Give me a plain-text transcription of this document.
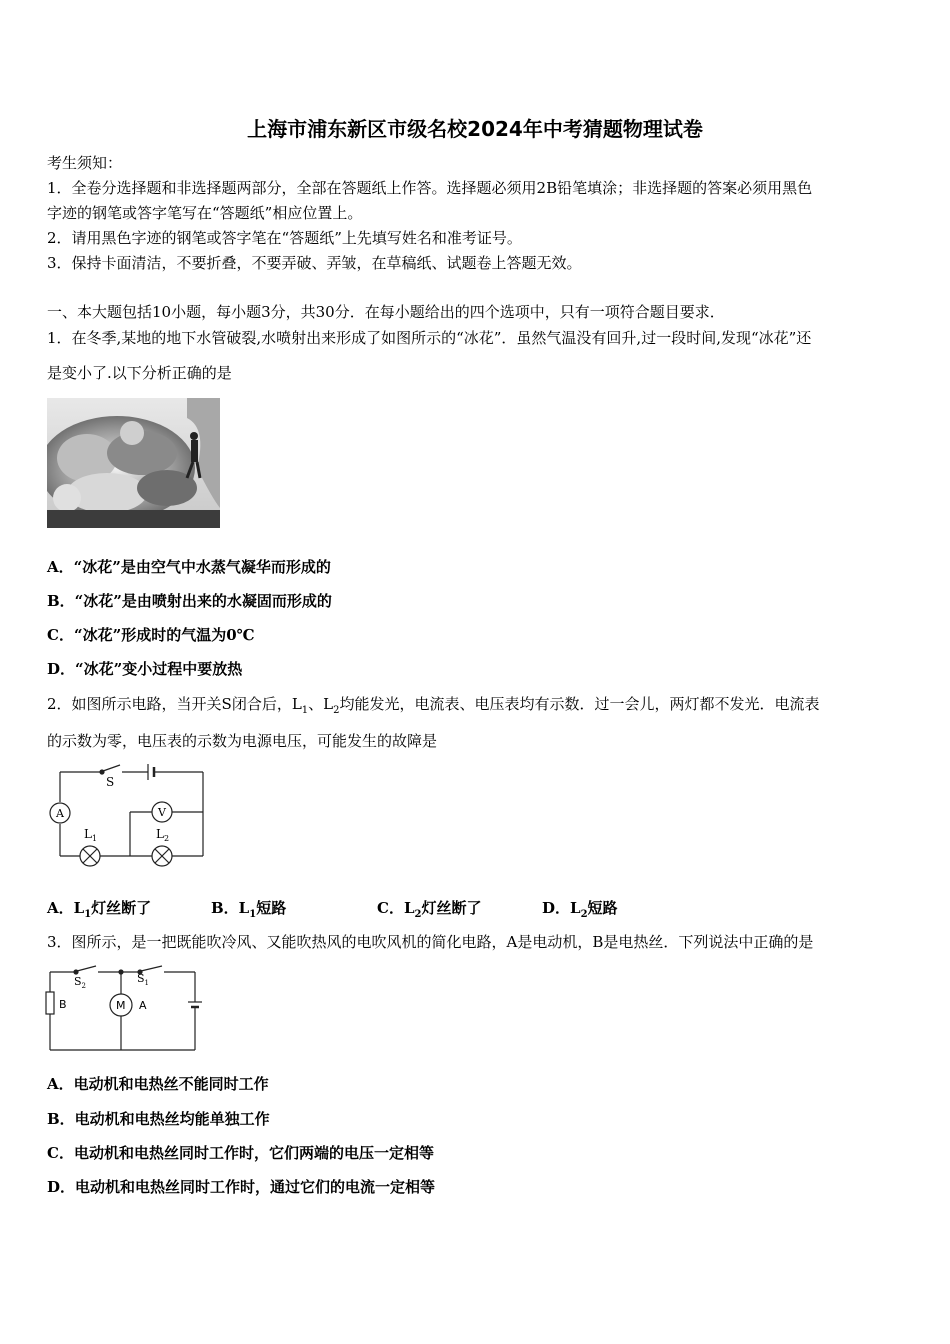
上海市浦东新区市级名校2024年中考猜题物理试卷
考生须知：
1．全卷分选择题和非选择题两部分，全部在答题纸上作答。选择题必须用2B铅笔填涂；非选择题的答案必须用黑色
字迹的钢笔或答字笔写在“答题纸”相应位置上。
2．请用黑色字迹的钢笔或答字笔在“答题纸”上先填写姓名和准考证号。
3．保持卡面清洁，不要折叠，不要弄破、弄皱，在草稿纸、试题卷上答题无效。
一、本大题包括10小题，每小题3分，共30分．在每小题给出的四个选项中，只有一项符合题目要求．
1．在冬季,某地的地下水管破裂,水喷射出来形成了如图所示的“冰花”．虽然气温没有回升,过一段时间,发现“冰花”还
是变小了.以下分析正确的是
A．“冰花”是由空气中水蒸气凝华而形成的
B．“冰花”是由喷射出来的水凝固而形成的
C．“冰花”形成时的气温为0℃
D．“冰花”变小过程中要放热
2．如图所示电路，当开关S闭合后，$L_1$、$L_2$均能发光，电流表、电压表均有示数．过一会儿，两灯都不发光．电流表
的示数为零，电压表的示数为电源电压，可能发生的故障是
S
A	V
$L_1$	$L_2$
A．$L_1$灯丝断了	B．$L_1$短路	C．$L_2$灯丝断了	D．$L_2$短路
3．图所示，是一把既能吹冷风、又能吹热风的电吹风机的简化电路，A是电动机，B是电热丝．下列说法中正确的是
$S_2$
$S_1$
B	M A
A．电动机和电热丝不能同时工作
B．电动机和电热丝均能单独工作
C．电动机和电热丝同时工作时，它们两端的电压一定相等
D．电动机和电热丝同时工作时，通过它们的电流一定相等
